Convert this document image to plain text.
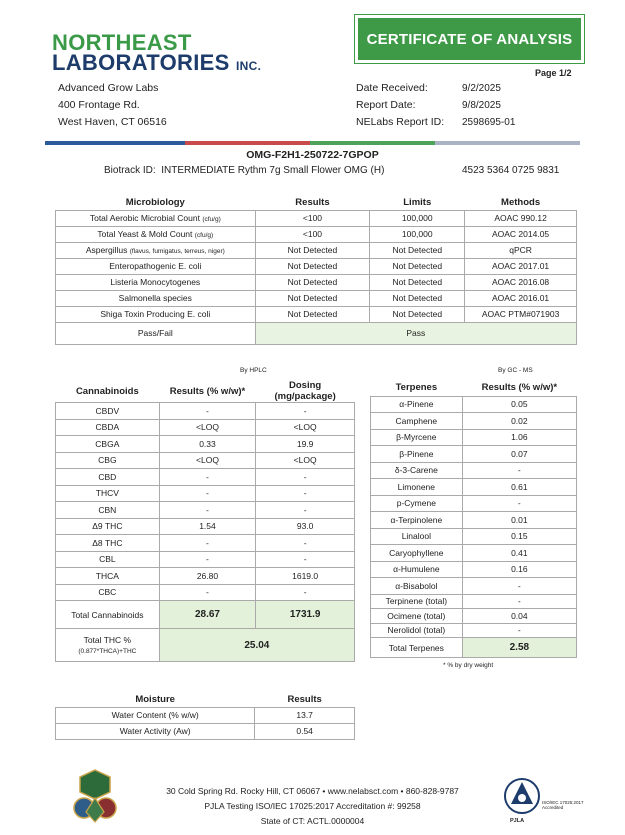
NORTHEAST
LABORATORIES INC.
CERTIFICATE OF ANALYSIS
Page 1/2
Advanced Grow Labs
400 Frontage Rd.
West Haven, CT 06516
Date Received:	9/2/2025
Report Date:	9/8/2025
NELabs Report ID: 2598695-01
OMG-F2H1-250722-7GPOP
Biotrack ID: INTERMEDIATE Rythm 7g Small Flower OMG (H)	4523 5364 0725 9831
Microbiology	Results	Limits	Methods
Total Aerobic Microbial Count (cfu/g)	<100	100,000	AOAC 990.12
Total Yeast & Mold Count (cfu/g)	<100	100,000	AOAC 2014.05
Aspergillus (flavus, fumigatus, terreus, niger)	Not Detected	Not Detected	qPCR
Enteropathogenic E. coli	Not Detected	Not Detected	AOAC 2017.01
Listeria Monocytogenes	Not Detected	Not Detected	AOAC 2016.08
Salmonella species	Not Detected	Not Detected	AOAC 2016.01
Shiga Toxin Producing E. coli	Not Detected	Not Detected	AOAC PTM#071903
Pass/Fail	Pass		
By HPLC	By GC - MS
Cannabinoids	Results (% w/w)*	Dosing (mg/package)
CBDV	-	-
CBDA	<LOQ	<LOQ
CBGA	0.33	19.9
CBG	<LOQ	<LOQ
CBD	-	-
THCV	-	-
CBN	-	-
Δ9 THC	1.54	93.0
Δ8 THC	-	-
CBL	-	-
THCA	26.80	1619.0
CBC	-	-
Total Cannabinoids	28.67	1731.9
Total THC % (0.877*THCA)+THC	25.04	
Terpenes	Results (% w/w)*
α-Pinene	0.05
Camphene	0.02
β-Myrcene	1.06
β-Pinene	0.07
δ-3-Carene	-
Limonene	0.61
p-Cymene	-
α-Terpinolene	0.01
Linalool	0.15
Caryophyllene	0.41
α-Humulene	0.16
α-Bisabolol	-
Terpinene (total)	-
Ocimene (total)	0.04
Nerolidol (total)	-
Total Terpenes	2.58
* % by dry weight
Moisture	Results
Water Content (% w/w)	13.7
Water Activity (Aw)	0.54
30 Cold Spring Rd. Rocky Hill, CT 06067 • www.nelabsct.com • 860-828-9787
PJLA Testing ISO/IEC 17025:2017 Accreditation #: 99258
State of CT: ACTL.0000004	PJLA
ISO/IEC 17025:2017 Accredited
